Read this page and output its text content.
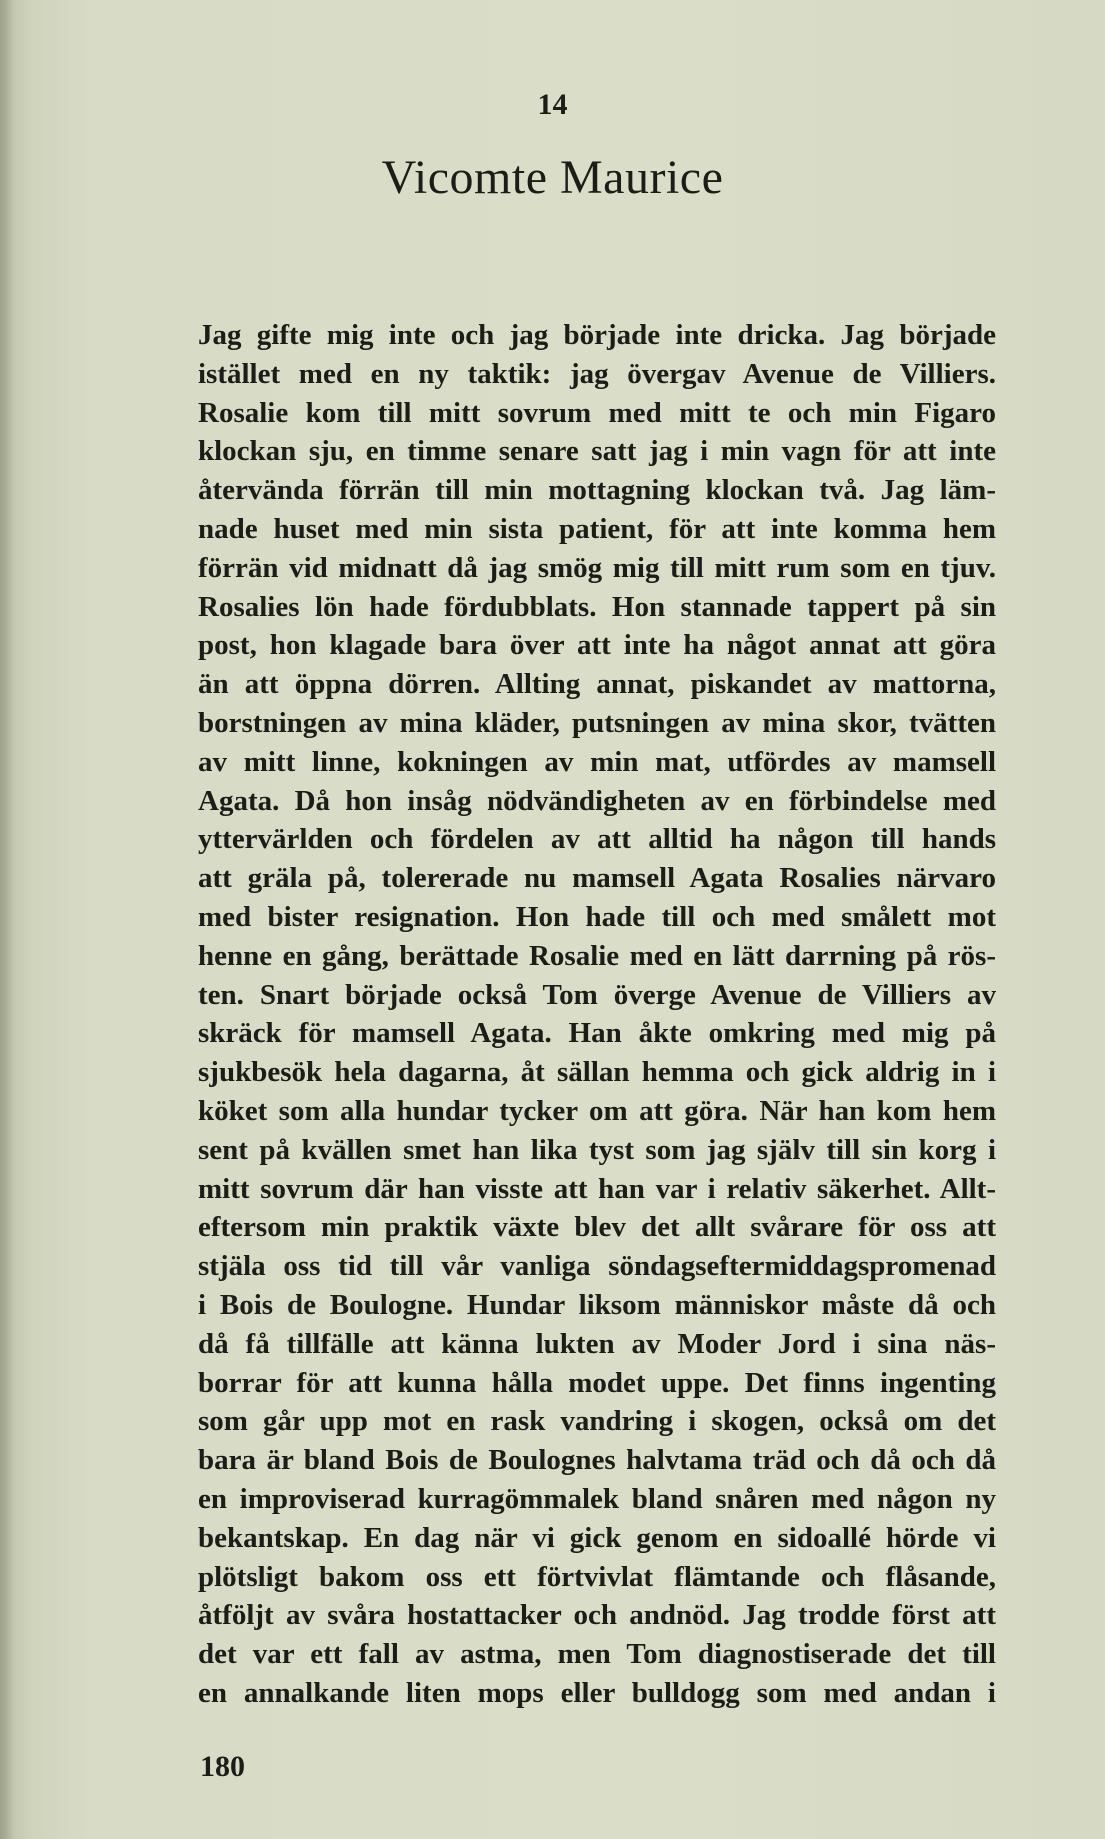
14
Vicomte Maurice
Jag gifte mig inte och jag började inte dricka. Jag började
istället med en ny taktik: jag övergav Avenue de Villiers.
Rosalie kom till mitt sovrum med mitt te och min Figaro
klockan sju, en timme senare satt jag i min vagn för att inte
återvända förrän till min mottagning klockan två. Jag läm-
nade huset med min sista patient, för att inte komma hem
förrän vid midnatt då jag smög mig till mitt rum som en tjuv.
Rosalies lön hade fördubblats. Hon stannade tappert på sin
post, hon klagade bara över att inte ha något annat att göra
än att öppna dörren. Allting annat, piskandet av mattorna,
borstningen av mina kläder, putsningen av mina skor, tvätten
av mitt linne, kokningen av min mat, utfördes av mamsell
Agata. Då hon insåg nödvändigheten av en förbindelse med
yttervärlden och fördelen av att alltid ha någon till hands
att gräla på, tolererade nu mamsell Agata Rosalies närvaro
med bister resignation. Hon hade till och med smålett mot
henne en gång, berättade Rosalie med en lätt darrning på rös-
ten. Snart började också Tom överge Avenue de Villiers av
skräck för mamsell Agata. Han åkte omkring med mig på
sjukbesök hela dagarna, åt sällan hemma och gick aldrig in i
köket som alla hundar tycker om att göra. När han kom hem
sent på kvällen smet han lika tyst som jag själv till sin korg i
mitt sovrum där han visste att han var i relativ säkerhet. Allt-
eftersom min praktik växte blev det allt svårare för oss att
stjäla oss tid till vår vanliga söndagseftermiddagspromenad
i Bois de Boulogne. Hundar liksom människor måste då och
då få tillfälle att känna lukten av Moder Jord i sina näs-
borrar för att kunna hålla modet uppe. Det finns ingenting
som går upp mot en rask vandring i skogen, också om det
bara är bland Bois de Boulognes halvtama träd och då och då
en improviserad kurragömmalek bland snåren med någon ny
bekantskap. En dag när vi gick genom en sidoallé hörde vi
plötsligt bakom oss ett förtvivlat flämtande och flåsande,
åtföljt av svåra hostattacker och andnöd. Jag trodde först att
det var ett fall av astma, men Tom diagnostiserade det till
en annalkande liten mops eller bulldogg som med andan i
180
